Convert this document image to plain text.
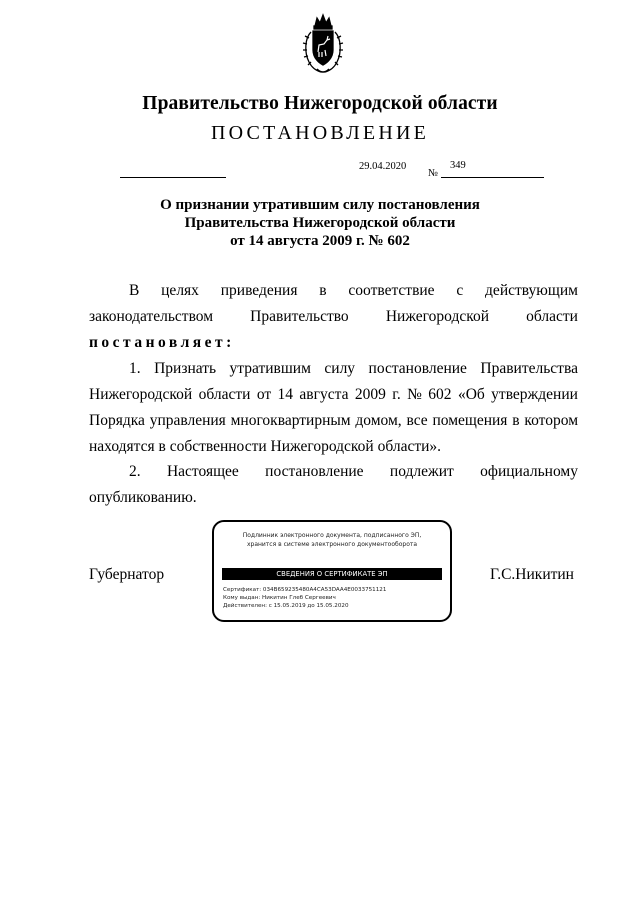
Правительство Нижегородской области
ПОСТАНОВЛЕНИЕ
29.04.2020
№
349
О признании утратившим силу постановления
Правительства Нижегородской области
от 14 августа 2009 г. № 602
В целях приведения в соответствие с действующим
законодательством Правительство Нижегородской области
постановляет:
1. Признать утратившим силу постановление Правительства
Нижегородской области от 14 августа 2009 г. № 602 «Об утверждении
Порядка управления многоквартирным домом, все помещения в котором
находятся в собственности Нижегородской области».
2. Настоящее постановление подлежит официальному
опубликованию.
Губернатор	Г.С.Никитин
Подлинник электронного документа, подписанного ЭП,
хранится в системе электронного документооборота
СВЕДЕНИЯ О СЕРТИФИКАТЕ ЭП
Сертификат: 034B659235480A4CA53DAA4E0033751121
Кому выдан: Никитин Глеб Сергеевич
Действителен: с 15.05.2019 до 15.05.2020
